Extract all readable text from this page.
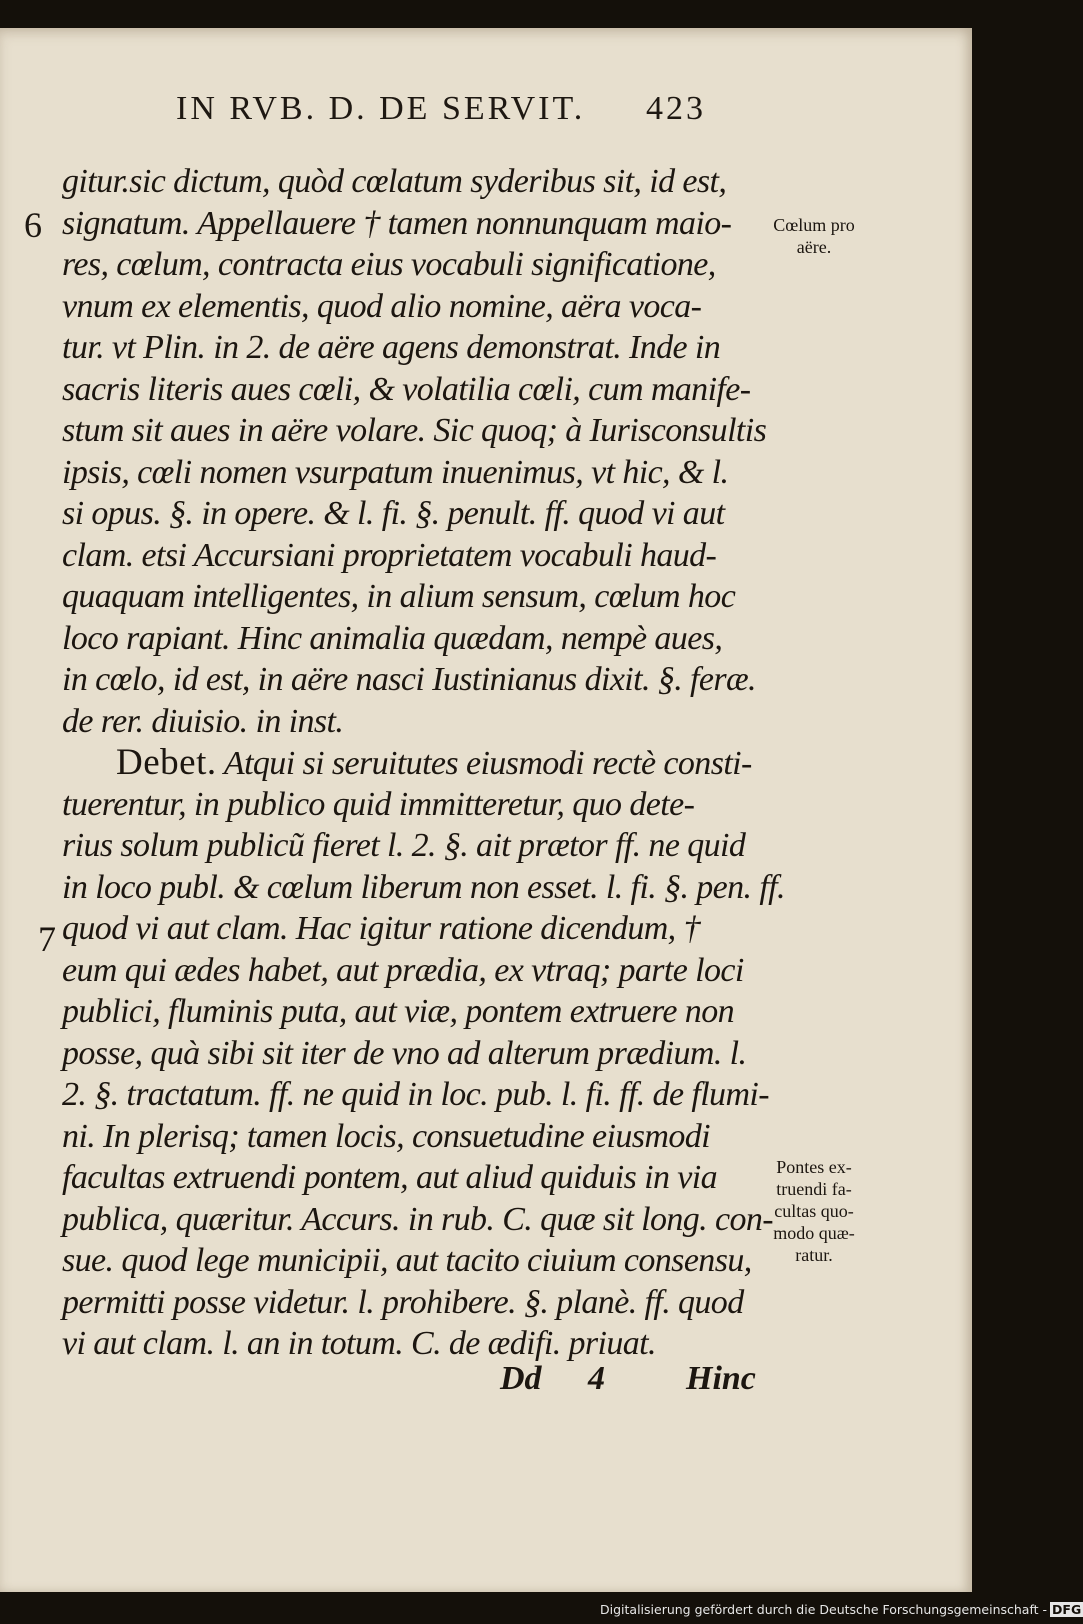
IN RVB. D. DE SERVIT. 423
gitur.sic dictum, quòd cœlatum syderibus sit, id est,
signatum. Appellauere † tamen nonnunquam maio-
res, cœlum, contracta eius vocabuli significatione,
vnum ex elementis, quod alio nomine, aëra voca-
tur. vt Plin. in 2. de aëre agens demonstrat. Inde in
sacris literis aues cœli, & volatilia cœli, cum manife-
stum sit aues in aëre volare. Sic quoq; à Iurisconsultis
ipsis, cœli nomen vsurpatum inuenimus, vt hic, & l.
si opus. §. in opere. & l. fi. §. penult. ff. quod vi aut
clam. etsi Accursiani proprietatem vocabuli haud-
quaquam intelligentes, in alium sensum, cœlum hoc
loco rapiant. Hinc animalia quædam, nempè aues,
in cœlo, id est, in aëre nasci Iustinianus dixit. §. feræ.
de rer. diuisio. in inst.
Debet. Atqui si seruitutes eiusmodi rectè consti-
tuerentur, in publico quid immitteretur, quo dete-
rius solum publicũ fieret l. 2. §. ait prætor ff. ne quid
in loco publ. & cœlum liberum non esset. l. fi. §. pen. ff.
quod vi aut clam. Hac igitur ratione dicendum, †
eum qui ædes habet, aut prædia, ex vtraq; parte loci
publici, fluminis puta, aut viæ, pontem extruere non
posse, quà sibi sit iter de vno ad alterum prædium. l.
2. §. tractatum. ff. ne quid in loc. pub. l. fi. ff. de flumi-
ni. In plerisq; tamen locis, consuetudine eiusmodi
facultas extruendi pontem, aut aliud quiduis in via
publica, quæritur. Accurs. in rub. C. quæ sit long. con-
sue. quod lege municipii, aut tacito ciuium consensu,
permitti posse videtur. l. prohibere. §. planè. ff. quod
vi aut clam. l. an in totum. C. de ædifi. priuat.
6
7
Cœlum pro
aëre.
Pontes ex-
truendi fa-
cultas quo-
modo quæ-
ratur.
Dd 4 Hinc
Digitalisierung gefördert durch die Deutsche Forschungsgemeinschaft - DFG
